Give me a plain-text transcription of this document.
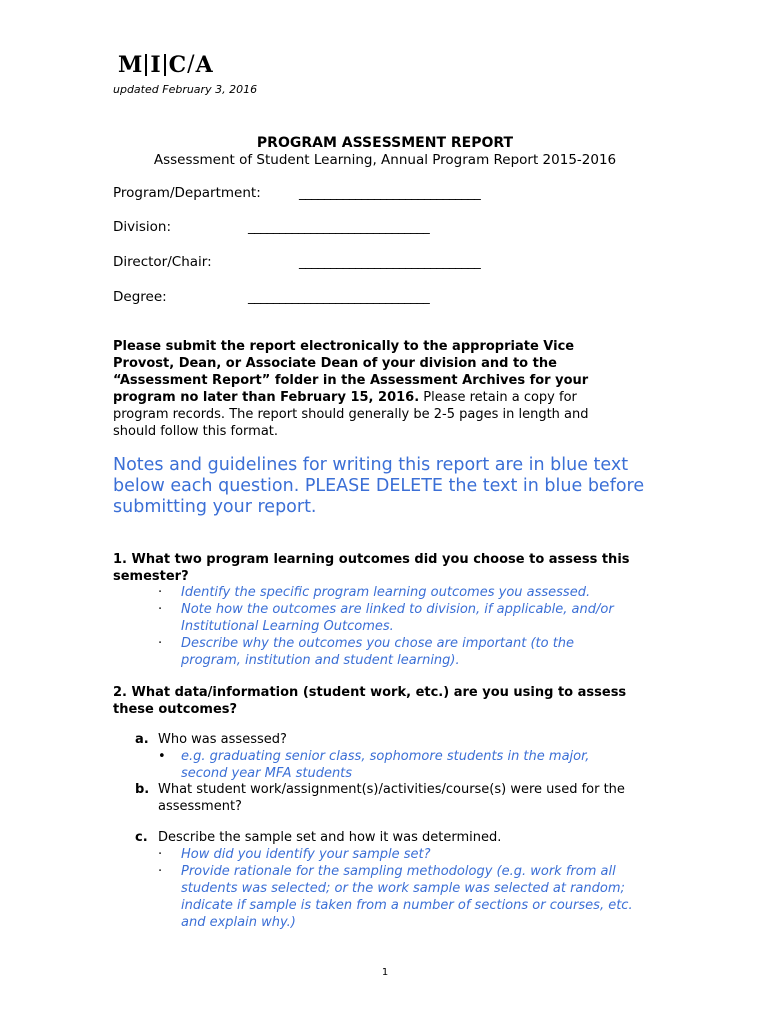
M I C / A
updated February 3, 2016
PROGRAM ASSESSMENT REPORT
Assessment of Student Learning, Annual Program Report 2015-2016
Program/Department:	_____________________________
Division:	_____________________________
Director/Chair:	_____________________________
Degree:	_____________________________
Please submit the report electronically to the appropriate Vice Provost, Dean, or Associate Dean of your division and to the “Assessment Report” folder in the Assessment Archives for your program no later than February 15, 2016. Please retain a copy for program records. The report should generally be 2-5 pages in length and should follow this format.
Notes and guidelines for writing this report are in blue text below each question. PLEASE DELETE the text in blue before submitting your report.
1. What two program learning outcomes did you choose to assess this semester?
· Identify the specific program learning outcomes you assessed.
· Note how the outcomes are linked to division, if applicable, and/or Institutional Learning Outcomes.
· Describe why the outcomes you chose are important (to the program, institution and student learning).
2. What data/information (student work, etc.) are you using to assess these outcomes?
a. Who was assessed?
• e.g. graduating senior class, sophomore students in the major, second year MFA students
b. What student work/assignment(s)/activities/course(s) were used for the assessment?
c. Describe the sample set and how it was determined.
· How did you identify your sample set?
· Provide rationale for the sampling methodology (e.g. work from all students was selected; or the work sample was selected at random; indicate if sample is taken from a number of sections or courses, etc. and explain why.)
1
